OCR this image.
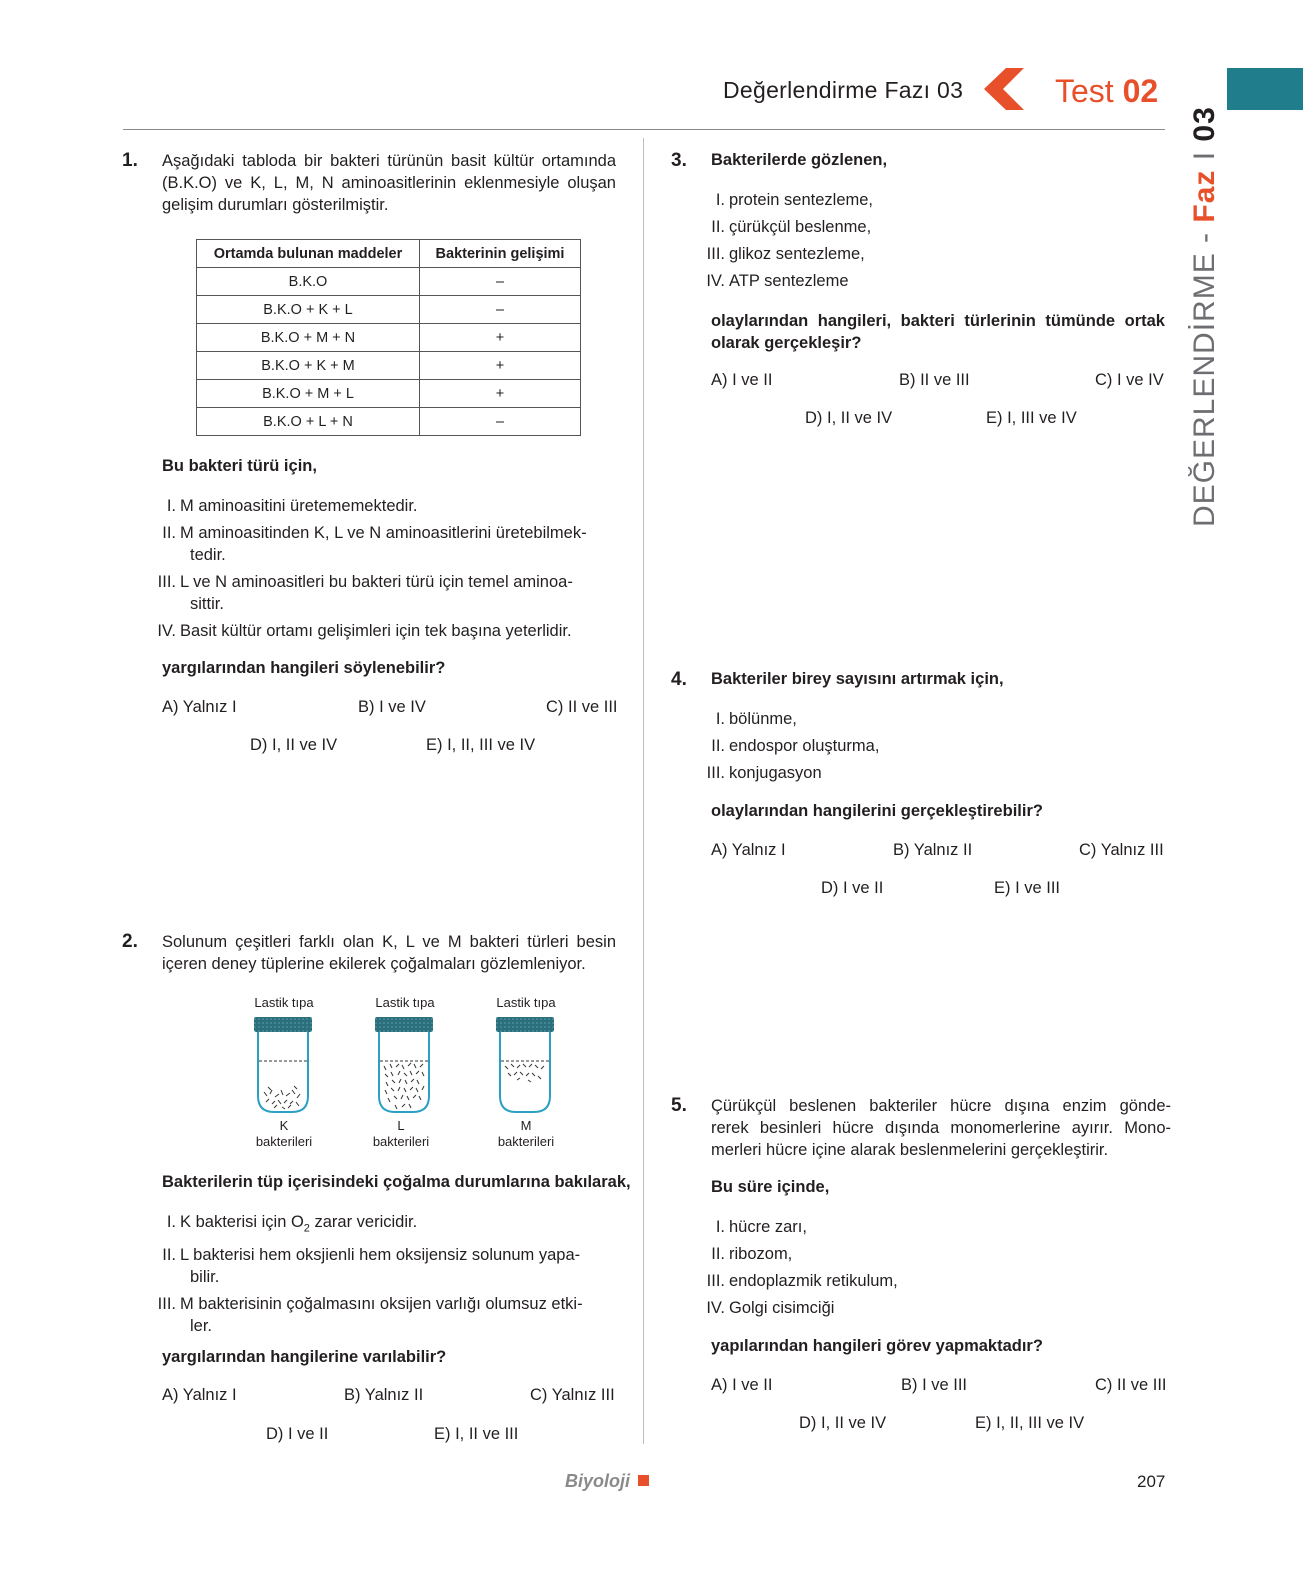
Değerlendirme Fazı 03	Test 02
DEĞERLENDİRME - Faz I 03
1. Aşağıdaki tabloda bir bakteri türünün basit kültür ortamında (B.K.O) ve K, L, M, N aminoasitlerinin eklenmesiyle oluşan gelişim durumları gösterilmiştir.
Ortamda bulunan maddeler	Bakterinin gelişimi
B.K.O	–
B.K.O + K + L	–
B.K.O + M + N	+
B.K.O + K + M	+
B.K.O + M + L	+
B.K.O + L + N	–
Bu bakteri türü için,
I. M aminoasitini üretememektedir.
II. M aminoasitinden K, L ve N aminoasitlerini üretebilmek-
tedir.
III. L ve N aminoasitleri bu bakteri türü için temel aminoa-
sittir.
IV. Basit kültür ortamı gelişimleri için tek başına yeterlidir.
yargılarından hangileri söylenebilir?
A) Yalnız I	B) I ve IV	C) II ve III
D) I, II ve IV	E) I, II, III ve IV
2. Solunum çeşitleri farklı olan K, L ve M bakteri türleri besin içeren deney tüplerine ekilerek çoğalmaları gözlemleniyor.
Lastik tıpa	Lastik tıpa	Lastik tıpa
K
bakterileri
L
bakterileri
M
bakterileri
Bakterilerin tüp içerisindeki çoğalma durumlarına bakılarak,
I. K bakterisi için $O_2$ zarar vericidir.
II. L bakterisi hem oksjienli hem oksijensiz solunum yapa-
bilir.
III. M bakterisinin çoğalmasını oksijen varlığı olumsuz etki-
ler.
yargılarından hangilerine varılabilir?
A) Yalnız I	B) Yalnız II	C) Yalnız III
D) I ve II	E) I, II ve III
3. Bakterilerde gözlenen,
I. protein sentezleme,
II. çürükçül beslenme,
III. glikoz sentezleme,
IV. ATP sentezleme
olaylarından hangileri, bakteri türlerinin tümünde ortak olarak gerçekleşir?
A) I ve II	B) II ve III	C) I ve IV
D) I, II ve IV	E) I, III ve IV
4. Bakteriler birey sayısını artırmak için,
I. bölünme,
II. endospor oluşturma,
III. konjugasyon
olaylarından hangilerini gerçekleştirebilir?
A) Yalnız I	B) Yalnız II	C) Yalnız III
D) I ve II	E) I ve III
5. Çürükçül beslenen bakteriler hücre dışına enzim gönde-
rerek besinleri hücre dışında monomerlerine ayırır. Mono-
merleri hücre içine alarak beslenmelerini gerçekleştirir.
Bu süre içinde,
I. hücre zarı,
II. ribozom,
III. endoplazmik retikulum,
IV. Golgi cisimciği
yapılarından hangileri görev yapmaktadır?
A) I ve II	B) I ve III	C) II ve III
D) I, II ve IV	E) I, II, III ve IV
Biyoloji	207
